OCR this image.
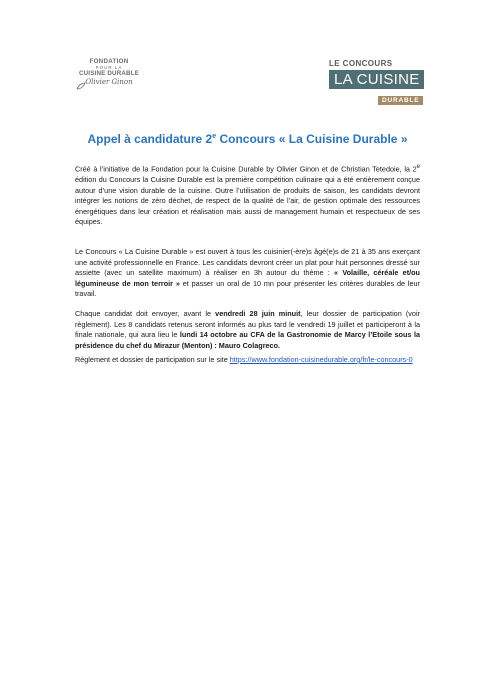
FONDATION
POUR LA
CUISINE DURABLE
Olivier Ginon
LE CONCOURS
LA CUISINE
DURABLE
Appel à candidature 2e Concours « La Cuisine Durable »
Créé à l’initiative de la Fondation pour la Cuisine Durable by Olivier Ginon et de Christian Tetedoie, la 2e édition du Concours la Cuisine Durable est la première compétition culinaire qui a été entièrement conçue autour d’une vision durable de la cuisine. Outre l’utilisation de produits de saison, les candidats devront intégrer les notions de zéro déchet, de respect de la qualité de l’air, de gestion optimale des ressources énergétiques dans leur création et réalisation mais aussi de management humain et respectueux de ses équipes.
Le Concours « La Cuisine Durable » est ouvert à tous les cuisinier(-ère)s âgé(e)s de 21 à 35 ans exerçant une activité professionnelle en France. Les candidats devront créer un plat pour huit personnes dressé sur assiette (avec un satellite maximum) à réaliser en 3h autour du thème : « Volaille, céréale et/ou légumineuse de mon terroir » et passer un oral de 10 mn pour présenter les critères durables de leur travail.
Chaque candidat doit envoyer, avant le vendredi 28 juin minuit, leur dossier de participation (voir règlement). Les 8 candidats retenus seront informés au plus tard le vendredi 19 juillet et participeront à la finale nationale, qui aura lieu le lundi 14 octobre au CFA de la Gastronomie de Marcy l’Etoile sous la présidence du chef du Mirazur (Menton) : Mauro Colagreco.
Règlement et dossier de participation sur le site https://www.fondation-cuisinedurable.org/fr/le-concours-0
